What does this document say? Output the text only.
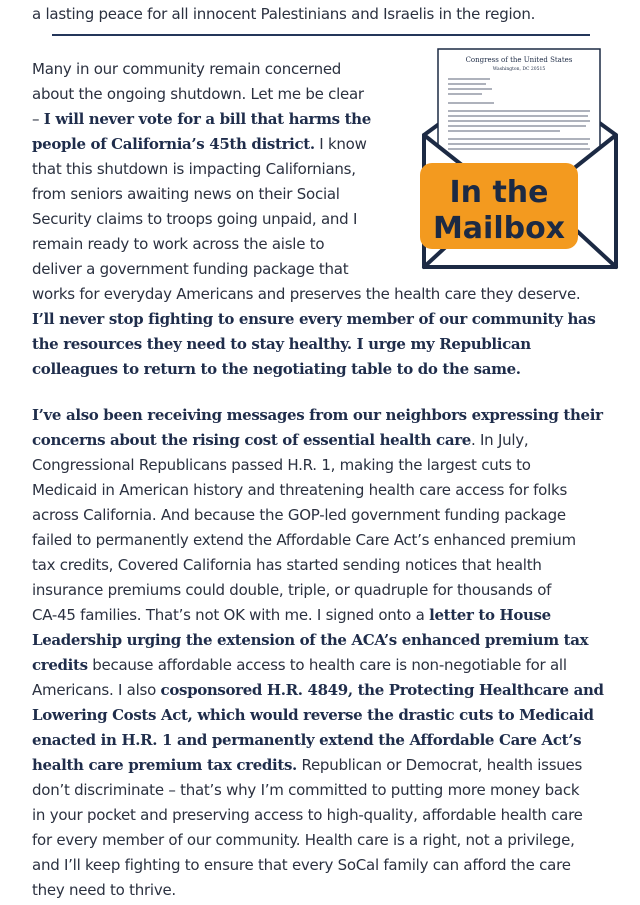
a lasting peace for all innocent Palestinians and Israelis in the region.
Many in our community remain concerned
about the ongoing shutdown. Let me be clear
– I will never vote for a bill that harms the
people of California’s 45th district. I know
that this shutdown is impacting Californians,
from seniors awaiting news on their Social
Security claims to troops going unpaid, and I
remain ready to work across the aisle to
deliver a government funding package that
works for everyday Americans and preserves the health care they deserve.
I’ll never stop fighting to ensure every member of our community has
the resources they need to stay healthy. I urge my Republican
colleagues to return to the negotiating table to do the same.
I’ve also been receiving messages from our neighbors expressing their
concerns about the rising cost of essential health care. In July,
Congressional Republicans passed H.R. 1, making the largest cuts to
Medicaid in American history and threatening health care access for folks
across California. And because the GOP-led government funding package
failed to permanently extend the Affordable Care Act’s enhanced premium
tax credits, Covered California has started sending notices that health
insurance premiums could double, triple, or quadruple for thousands of
CA-45 families. That’s not OK with me. I signed onto a letter to House
Leadership urging the extension of the ACA’s enhanced premium tax
credits because affordable access to health care is non-negotiable for all
Americans. I also cosponsored H.R. 4849, the Protecting Healthcare and
Lowering Costs Act, which would reverse the drastic cuts to Medicaid
enacted in H.R. 1 and permanently extend the Affordable Care Act’s
health care premium tax credits. Republican or Democrat, health issues
don’t discriminate – that’s why I’m committed to putting more money back
in your pocket and preserving access to high-quality, affordable health care
for every member of our community. Health care is a right, not a privilege,
and I’ll keep fighting to ensure that every SoCal family can afford the care
they need to thrive.
Congress of the United States
Washington, DC 20515
In the
Mailbox
